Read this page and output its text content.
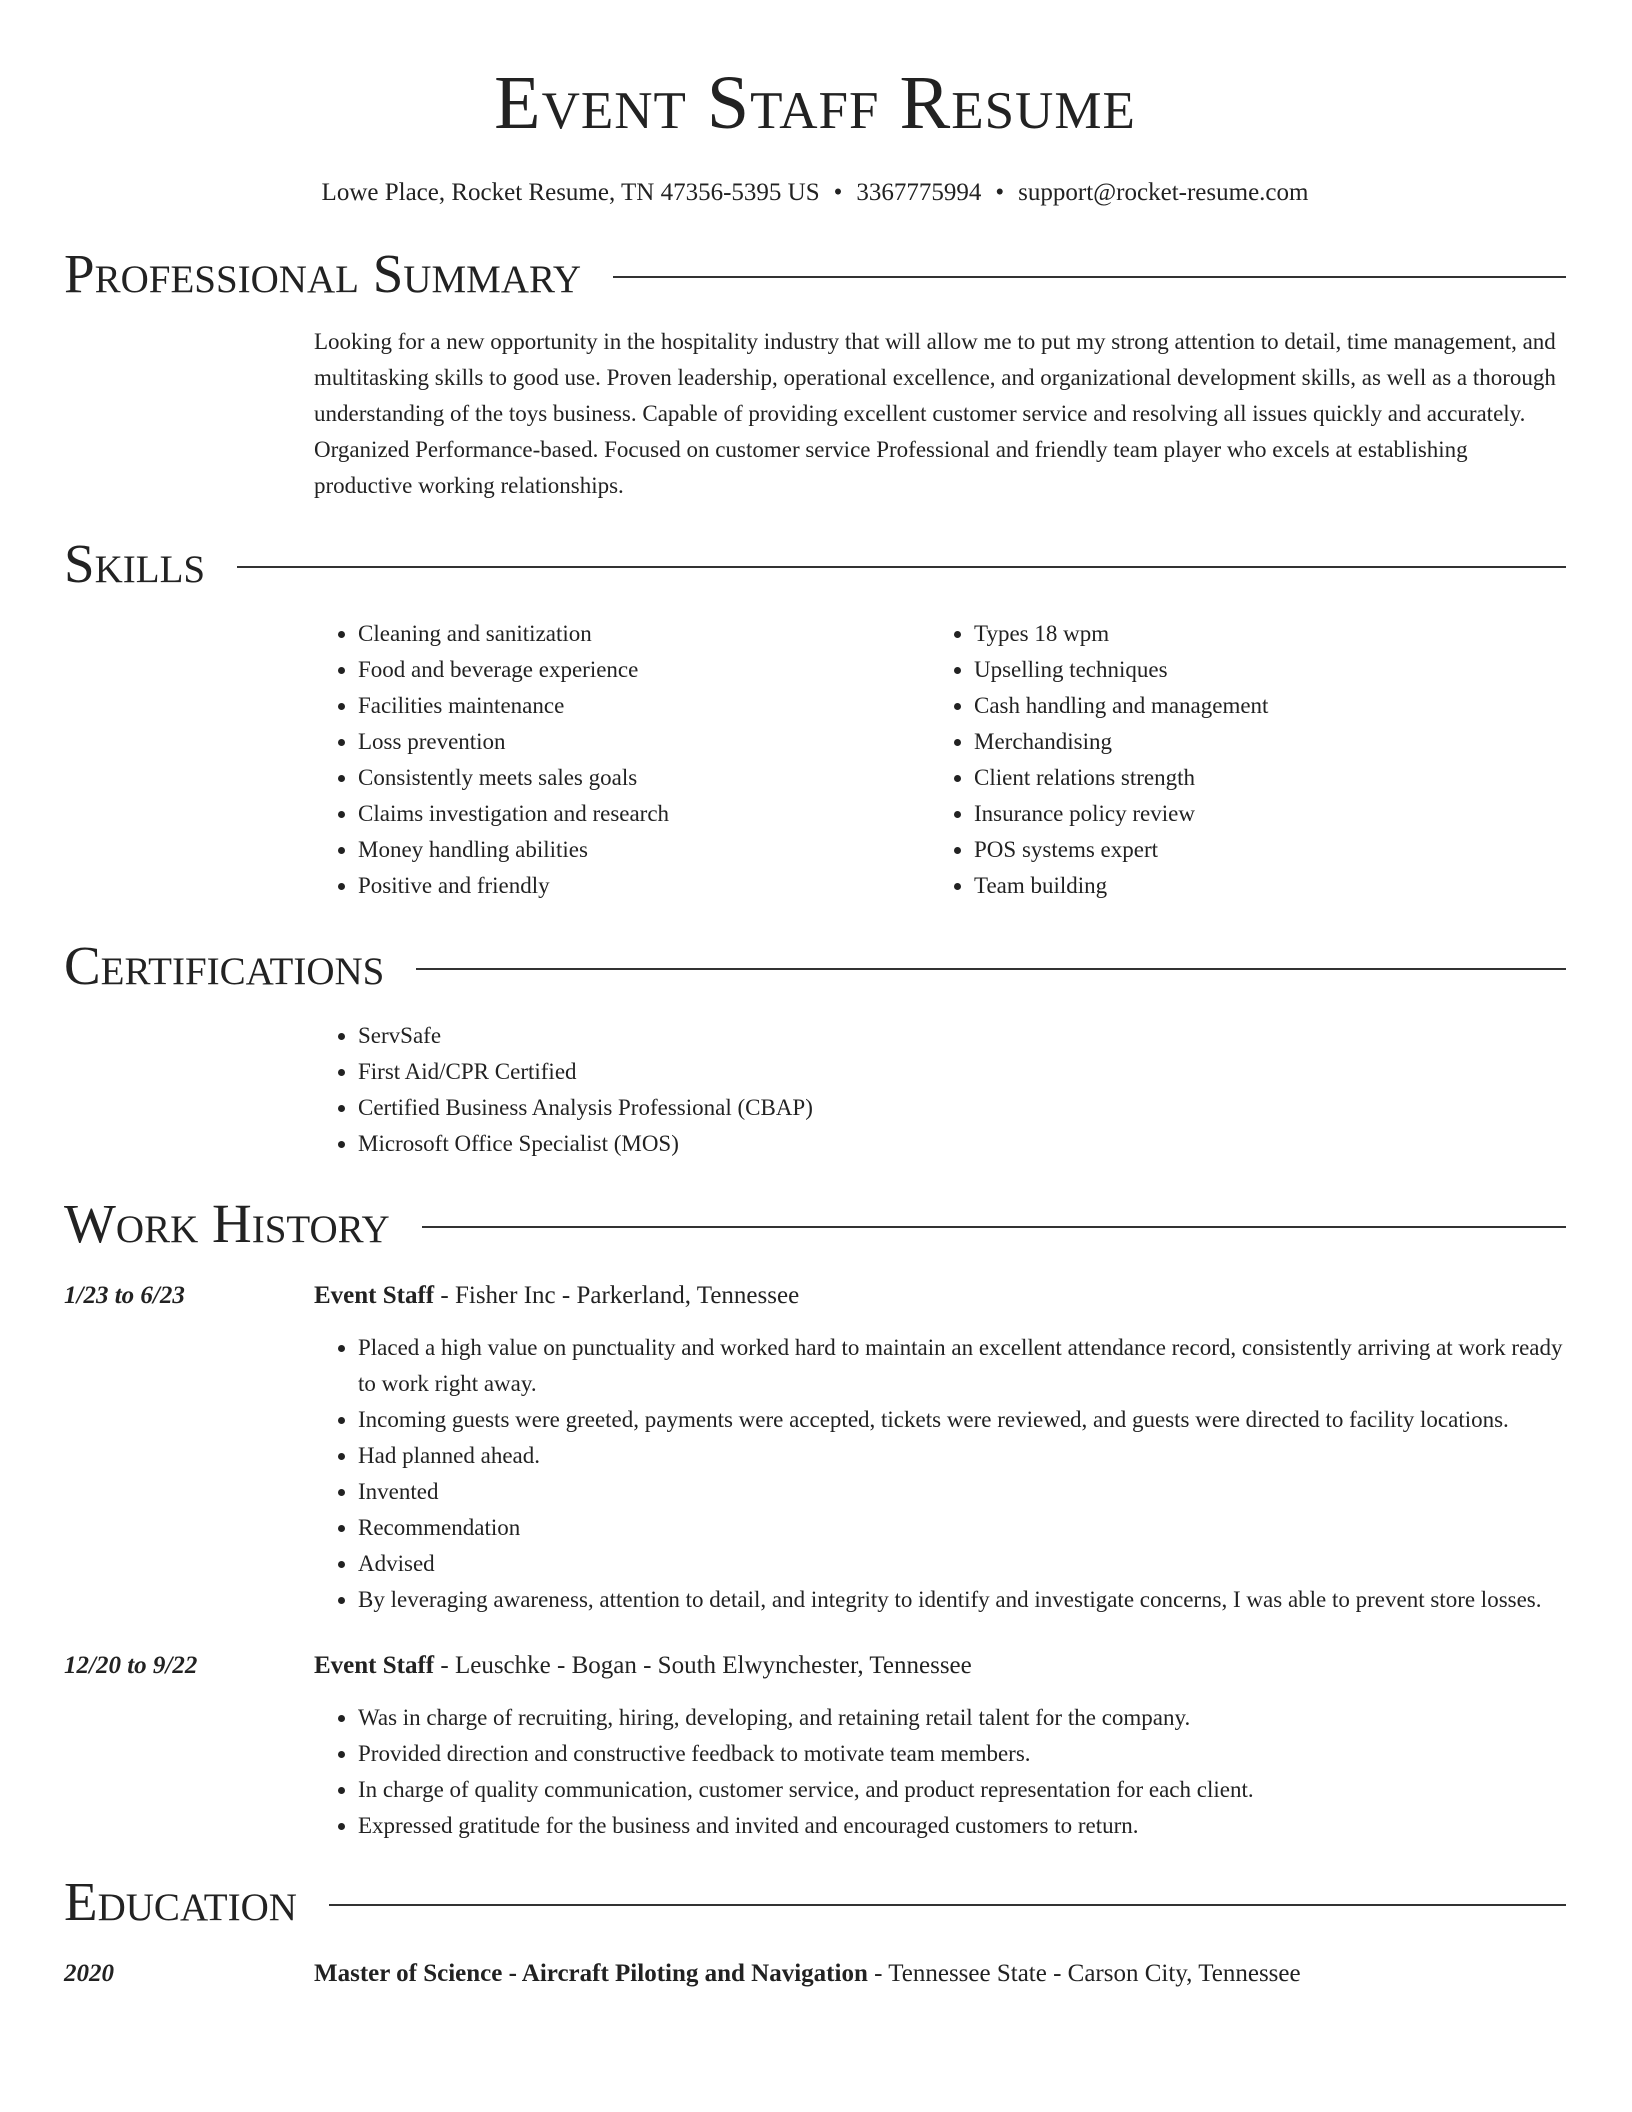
Event Staff Resume
Lowe Place, Rocket Resume, TN 47356-5395 US • 3367775994 • support@rocket-resume.com
Professional Summary

Looking for a new opportunity in the hospitality industry that will allow me to put my strong attention to detail, time management, and multitasking skills to good use. Proven leadership, operational excellence, and organizational development skills, as well as a thorough understanding of the toys business. Capable of providing excellent customer service and resolving all issues quickly and accurately. Organized Performance-based. Focused on customer service Professional and friendly team player who excels at establishing productive working relationships.

Skills
• Cleaning and sanitization
• Food and beverage experience
• Facilities maintenance
• Loss prevention
• Consistently meets sales goals
• Claims investigation and research
• Money handling abilities
• Positive and friendly
• Types 18 wpm
• Upselling techniques
• Cash handling and management
• Merchandising
• Client relations strength
• Insurance policy review
• POS systems expert
• Team building
Certifications
• ServSafe
• First Aid/CPR Certified
• Certified Business Analysis Professional (CBAP)
• Microsoft Office Specialist (MOS)
Work History
1/23 to 6/23	Event Staff - Fisher Inc - Parkerland, Tennessee
• Placed a high value on punctuality and worked hard to maintain an excellent attendance record, consistently arriving at work ready to work right away.
• Incoming guests were greeted, payments were accepted, tickets were reviewed, and guests were directed to facility locations.
• Had planned ahead.
• Invented
• Recommendation
• Advised
• By leveraging awareness, attention to detail, and integrity to identify and investigate concerns, I was able to prevent store losses.
12/20 to 9/22	Event Staff - Leuschke - Bogan - South Elwynchester, Tennessee
• Was in charge of recruiting, hiring, developing, and retaining retail talent for the company.
• Provided direction and constructive feedback to motivate team members.
• In charge of quality communication, customer service, and product representation for each client.
• Expressed gratitude for the business and invited and encouraged customers to return.
Education
2020	Master of Science - Aircraft Piloting and Navigation - Tennessee State - Carson City, Tennessee
